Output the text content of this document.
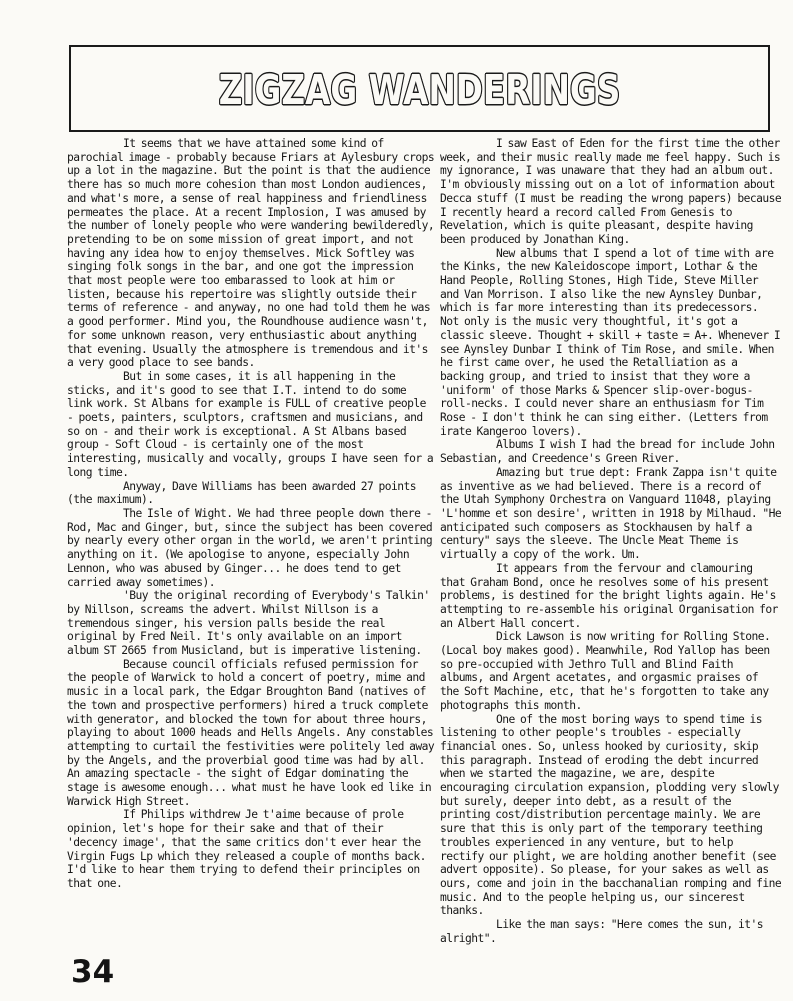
ZIGZAG WANDERINGS

It seems that we have attained some kind of parochial image - probably because Friars at Aylesbury crops up a lot in the magazine. But the point is that the audience there has so much more cohesion than most London audiences, and what's more, a sense of real happiness and friendliness permeates the place. At a recent Implosion, I was amused by the number of lonely people who were wandering bewilderedly, pretending to be on some mission of great import, and not having any idea how to enjoy themselves. Mick Softley was singing folk songs in the bar, and one got the impression that most people were too embarassed to look at him or listen, because his repertoire was slightly outside their terms of reference - and anyway, no one had told them he was a good performer. Mind you, the Roundhouse audience wasn't, for some unknown reason, very enthusiastic about anything that evening. Usually the atmosphere is tremendous and it's a very good place to see bands.

But in some cases, it is all happening in the sticks, and it's good to see that I.T. intend to do some link work. St Albans for example is FULL of creative people - poets, painters, sculptors, craftsmen and musicians, and so on - and their work is exceptional. A St Albans based group - Soft Cloud - is certainly one of the most interesting, musically and vocally, groups I have seen for a long time.

Anyway, Dave Williams has been awarded 27 points (the maximum).

The Isle of Wight. We had three people down there - Rod, Mac and Ginger, but, since the subject has been covered by nearly every other organ in the world, we aren't printing anything on it. (We apologise to anyone, especially John Lennon, who was abused by Ginger... he does tend to get carried away sometimes).

'Buy the original recording of Everybody's Talkin' by Nillson, screams the advert. Whilst Nillson is a tremendous singer, his version palls beside the real original by Fred Neil. It's only available on an import album ST 2665 from Musicland, but is imperative listening.

Because council officials refused permission for the people of Warwick to hold a concert of poetry, mime and music in a local park, the Edgar Broughton Band (natives of the town and prospective performers) hired a truck complete with generator, and blocked the town for about three hours, playing to about 1000 heads and Hells Angels. Any constables attempting to curtail the festivities were politely led away by the Angels, and the proverbial good time was had by all. An amazing spectacle - the sight of Edgar dominating the stage is awesome enough... what must he have look ed like in Warwick High Street.

If Philips withdrew Je t'aime because of prole opinion, let's hope for their sake and that of their 'decency image', that the same critics don't ever hear the Virgin Fugs Lp which they released a couple of months back. I'd like to hear them trying to defend their principles on that one.

I saw East of Eden for the first time the other week, and their music really made me feel happy. Such is my ignorance, I was unaware that they had an album out. I'm obviously missing out on a lot of information about Decca stuff (I must be reading the wrong papers) because I recently heard a record called From Genesis to Revelation, which is quite pleasant, despite having been produced by Jonathan King.

New albums that I spend a lot of time with are the Kinks, the new Kaleidoscope import, Lothar & the Hand People, Rolling Stones, High Tide, Steve Miller and Van Morrison. I also like the new Aynsley Dunbar, which is far more interesting than its predecessors. Not only is the music very thoughtful, it's got a classic sleeve. Thought + skill + taste = A+. Whenever I see Aynsley Dunbar I think of Tim Rose, and smile. When he first came over, he used the Retalliation as a backing group, and tried to insist that they wore a 'uniform' of those Marks & Spencer slip-over-bogus-roll-necks. I could never share an enthusiasm for Tim Rose - I don't think he can sing either. (Letters from irate Kangeroo lovers).

Albums I wish I had the bread for include John Sebastian, and Creedence's Green River.

Amazing but true dept: Frank Zappa isn't quite as inventive as we had believed. There is a record of the Utah Symphony Orchestra on Vanguard 11048, playing 'L'homme et son desire', written in 1918 by Milhaud. "He anticipated such composers as Stockhausen by half a century" says the sleeve. The Uncle Meat Theme is virtually a copy of the work. Um.

It appears from the fervour and clamouring that Graham Bond, once he resolves some of his present problems, is destined for the bright lights again. He's attempting to re-assemble his original Organisation for an Albert Hall concert.

Dick Lawson is now writing for Rolling Stone. (Local boy makes good). Meanwhile, Rod Yallop has been so pre-occupied with Jethro Tull and Blind Faith albums, and Argent acetates, and orgasmic praises of the Soft Machine, etc, that he's forgotten to take any photographs this month.

One of the most boring ways to spend time is listening to other people's troubles - especially financial ones. So, unless hooked by curiosity, skip this paragraph. Instead of eroding the debt incurred when we started the magazine, we are, despite encouraging circulation expansion, plodding very slowly but surely, deeper into debt, as a result of the printing cost/distribution percentage mainly. We are sure that this is only part of the temporary teething troubles experienced in any venture, but to help rectify our plight, we are holding another benefit (see advert opposite). So please, for your sakes as well as ours, come and join in the bacchanalian romping and fine music. And to the people helping us, our sincerest thanks.

Like the man says: "Here comes the sun, it's alright".

34
